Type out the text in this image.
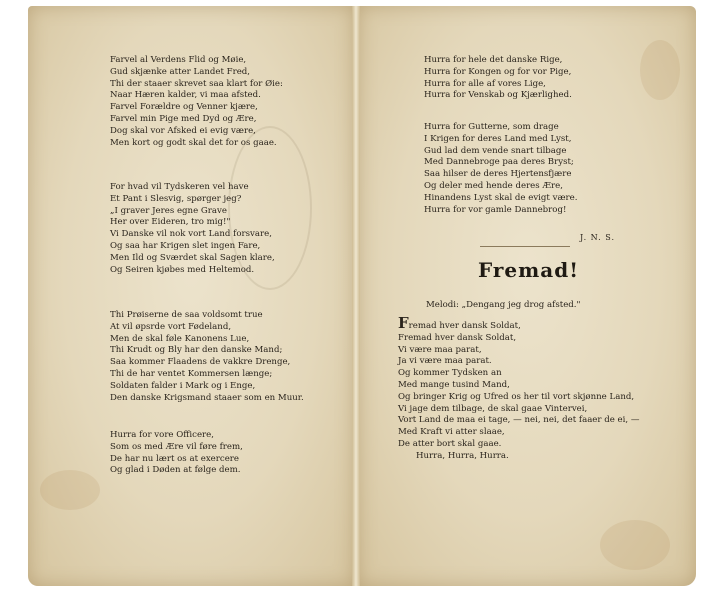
Farvel al Verdens Flid og Møie,
Gud skjænke atter Landet Fred,
Thi der staaer skrevet saa klart for Øie:
Naar Hæren kalder, vi maa afsted.
Farvel Forældre og Venner kjære,
Farvel min Pige med Dyd og Ære,
Dog skal vor Afsked ei evig være,
Men kort og godt skal det for os gaae.
For hvad vil Tydskeren vel have
Et Pant i Slesvig, spørger jeg?
„I graver Jeres egne Grave
Her over Eideren, tro mig!"
Vi Danske vil nok vort Land forsvare,
Og saa har Krigen slet ingen Fare,
Men Ild og Sværdet skal Sagen klare,
Og Seiren kjøbes med Heltemod.
Thi Prøiserne de saa voldsomt true
At vil øpsrde vort Fødeland,
Men de skal føle Kanonens Lue,
Thi Krudt og Bly har den danske Mand;
Saa kommer Flaadens de vakkre Drenge,
Thi de har ventet Kommersen længe;
Soldaten falder i Mark og i Enge,
Den danske Krigsmand staaer som en Muur.
Hurra for vore Officere,
Som os med Ære vil føre frem,
De har nu lært os at exercere
Og glad i Døden at følge dem.
Hurra for hele det danske Rige,
Hurra for Kongen og for vor Pige,
Hurra for alle af vores Lige,
Hurra for Venskab og Kjærlighed.
Hurra for Gutterne, som drage
I Krigen for deres Land med Lyst,
Gud lad dem vende snart tilbage
Med Dannebroge paa deres Bryst;
Saa hilser de deres Hjertensfjære
Og deler med hende deres Ære,
Hinandens Lyst skal de evigt være.
Hurra for vor gamle Dannebrog!
J. N. S.
Fremad!
Melodi: „Dengang jeg drog afsted."
Fremad hver dansk Soldat,
Fremad hver dansk Soldat,
Vi være maa parat,
Ja vi være maa parat.
Og kommer Tydsken an
Med mange tusind Mand,
Og bringer Krig og Ufred os her til vort skjønne Land,
Vi jage dem tilbage, de skal gaae Vintervei,
Vort Land de maa ei tage, — nei, nei, det faaer de ei, —
Med Kraft vi atter slaae,
De atter bort skal gaae.
Hurra, Hurra, Hurra.
